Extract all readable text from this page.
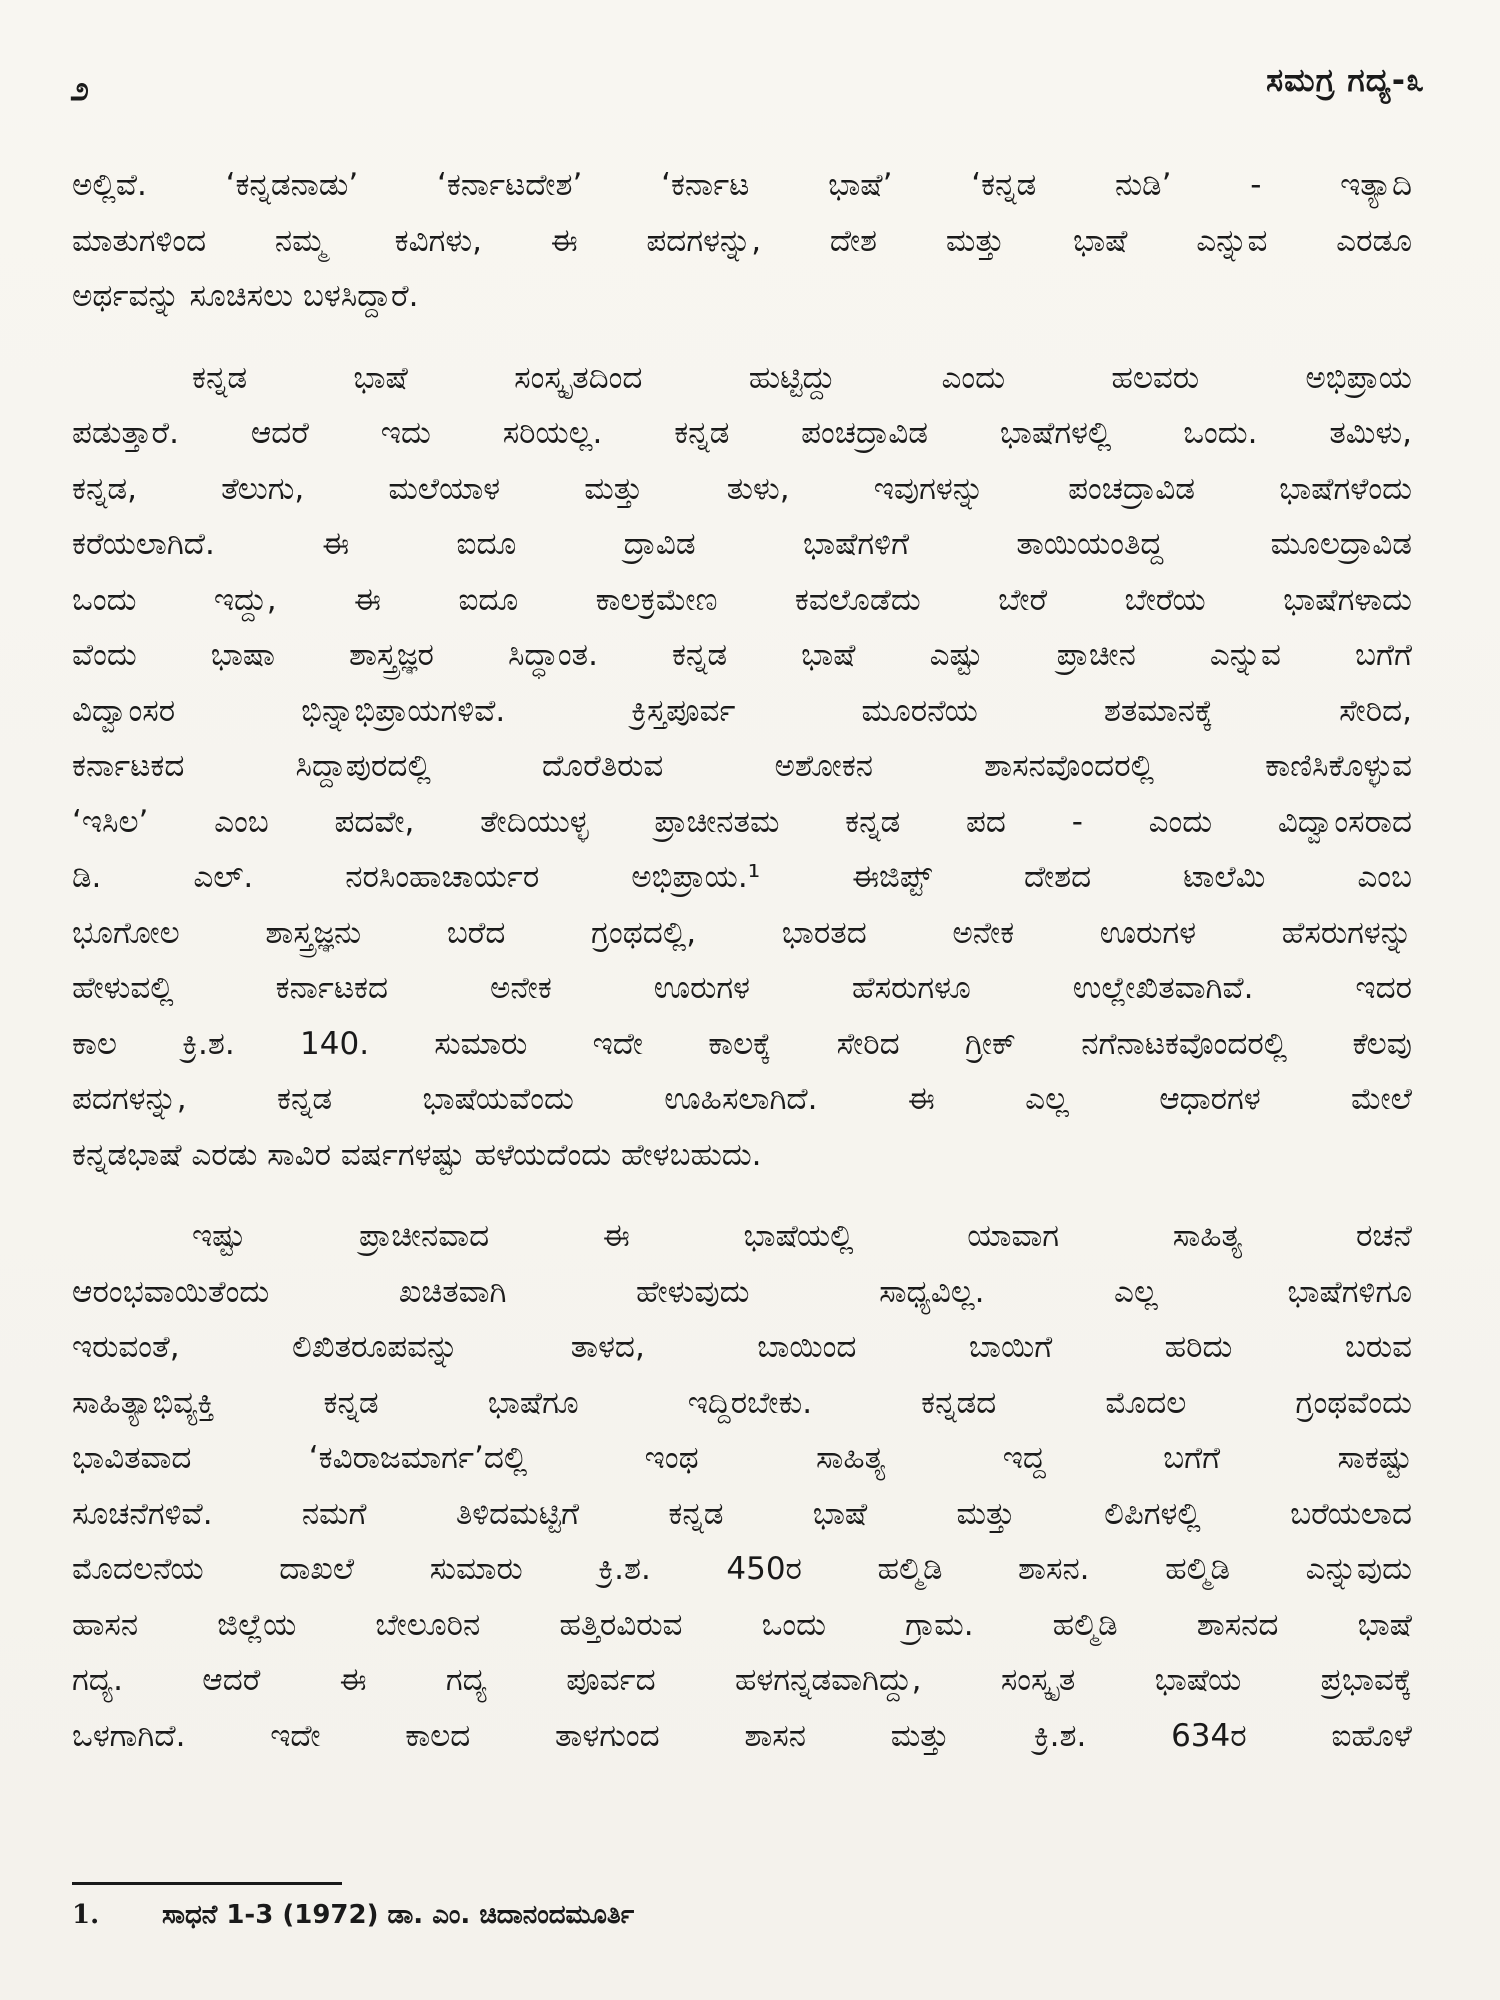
೨	ಸಮಗ್ರ ಗದ್ಯ-೩
ಅಲ್ಲಿವೆ. ‘ಕನ್ನಡನಾಡು’ ‘ಕರ್ನಾಟದೇಶ’ ‘ಕರ್ನಾಟ ಭಾಷೆ’ ‘ಕನ್ನಡ ನುಡಿ’ - ಇತ್ಯಾದಿ
ಮಾತುಗಳಿಂದ ನಮ್ಮ ಕವಿಗಳು, ಈ ಪದಗಳನ್ನು, ದೇಶ ಮತ್ತು ಭಾಷೆ ಎನ್ನುವ ಎರಡೂ
ಅರ್ಥವನ್ನು ಸೂಚಿಸಲು ಬಳಸಿದ್ದಾರೆ.
ಕನ್ನಡ ಭಾಷೆ ಸಂಸ್ಕೃತದಿಂದ ಹುಟ್ಟಿದ್ದು ಎಂದು ಹಲವರು ಅಭಿಪ್ರಾಯ
ಪಡುತ್ತಾರೆ. ಆದರೆ ಇದು ಸರಿಯಲ್ಲ. ಕನ್ನಡ ಪಂಚದ್ರಾವಿಡ ಭಾಷೆಗಳಲ್ಲಿ ಒಂದು. ತಮಿಳು,
ಕನ್ನಡ, ತೆಲುಗು, ಮಲೆಯಾಳ ಮತ್ತು ತುಳು, ಇವುಗಳನ್ನು ಪಂಚದ್ರಾವಿಡ ಭಾಷೆಗಳೆಂದು
ಕರೆಯಲಾಗಿದೆ. ಈ ಐದೂ ದ್ರಾವಿಡ ಭಾಷೆಗಳಿಗೆ ತಾಯಿಯಂತಿದ್ದ ಮೂಲದ್ರಾವಿಡ
ಒಂದು ಇದ್ದು, ಈ ಐದೂ ಕಾಲಕ್ರಮೇಣ ಕವಲೊಡೆದು ಬೇರೆ ಬೇರೆಯ ಭಾಷೆಗಳಾದು
ವೆಂದು ಭಾಷಾ ಶಾಸ್ತ್ರಜ್ಞರ ಸಿದ್ಧಾಂತ. ಕನ್ನಡ ಭಾಷೆ ಎಷ್ಟು ಪ್ರಾಚೀನ ಎನ್ನುವ ಬಗೆಗೆ
ವಿದ್ವಾಂಸರ ಭಿನ್ನಾಭಿಪ್ರಾಯಗಳಿವೆ. ಕ್ರಿಸ್ತಪೂರ್ವ ಮೂರನೆಯ ಶತಮಾನಕ್ಕೆ ಸೇರಿದ,
ಕರ್ನಾಟಕದ ಸಿದ್ದಾಪುರದಲ್ಲಿ ದೊರೆತಿರುವ ಅಶೋಕನ ಶಾಸನವೊಂದರಲ್ಲಿ ಕಾಣಿಸಿಕೊಳ್ಳುವ
‘ಇಸಿಲ’ ಎಂಬ ಪದವೇ, ತೇದಿಯುಳ್ಳ ಪ್ರಾಚೀನತಮ ಕನ್ನಡ ಪದ - ಎಂದು ವಿದ್ವಾಂಸರಾದ
ಡಿ. ಎಲ್. ನರಸಿಂಹಾಚಾರ್ಯರ ಅಭಿಪ್ರಾಯ.¹ ಈಜಿಪ್ಟ್ ದೇಶದ ಟಾಲೆಮಿ ಎಂಬ
ಭೂಗೋಲ ಶಾಸ್ತ್ರಜ್ಞನು ಬರೆದ ಗ್ರಂಥದಲ್ಲಿ, ಭಾರತದ ಅನೇಕ ಊರುಗಳ ಹೆಸರುಗಳನ್ನು
ಹೇಳುವಲ್ಲಿ ಕರ್ನಾಟಕದ ಅನೇಕ ಊರುಗಳ ಹೆಸರುಗಳೂ ಉಲ್ಲೇಖಿತವಾಗಿವೆ. ಇದರ
ಕಾಲ ಕ್ರಿ.ಶ. 140. ಸುಮಾರು ಇದೇ ಕಾಲಕ್ಕೆ ಸೇರಿದ ಗ್ರೀಕ್ ನಗೆನಾಟಕವೊಂದರಲ್ಲಿ ಕೆಲವು
ಪದಗಳನ್ನು, ಕನ್ನಡ ಭಾಷೆಯವೆಂದು ಊಹಿಸಲಾಗಿದೆ. ಈ ಎಲ್ಲ ಆಧಾರಗಳ ಮೇಲೆ
ಕನ್ನಡಭಾಷೆ ಎರಡು ಸಾವಿರ ವರ್ಷಗಳಷ್ಟು ಹಳೆಯದೆಂದು ಹೇಳಬಹುದು.
ಇಷ್ಟು ಪ್ರಾಚೀನವಾದ ಈ ಭಾಷೆಯಲ್ಲಿ ಯಾವಾಗ ಸಾಹಿತ್ಯ ರಚನೆ
ಆರಂಭವಾಯಿತೆಂದು ಖಚಿತವಾಗಿ ಹೇಳುವುದು ಸಾಧ್ಯವಿಲ್ಲ. ಎಲ್ಲ ಭಾಷೆಗಳಿಗೂ
ಇರುವಂತೆ, ಲಿಖಿತರೂಪವನ್ನು ತಾಳದ, ಬಾಯಿಂದ ಬಾಯಿಗೆ ಹರಿದು ಬರುವ
ಸಾಹಿತ್ಯಾಭಿವ್ಯಕ್ತಿ ಕನ್ನಡ ಭಾಷೆಗೂ ಇದ್ದಿರಬೇಕು. ಕನ್ನಡದ ಮೊದಲ ಗ್ರಂಥವೆಂದು
ಭಾವಿತವಾದ ‘ಕವಿರಾಜಮಾರ್ಗ’ದಲ್ಲಿ ಇಂಥ ಸಾಹಿತ್ಯ ಇದ್ದ ಬಗೆಗೆ ಸಾಕಷ್ಟು
ಸೂಚನೆಗಳಿವೆ. ನಮಗೆ ತಿಳಿದಮಟ್ಟಿಗೆ ಕನ್ನಡ ಭಾಷೆ ಮತ್ತು ಲಿಪಿಗಳಲ್ಲಿ ಬರೆಯಲಾದ
ಮೊದಲನೆಯ ದಾಖಲೆ ಸುಮಾರು ಕ್ರಿ.ಶ. 450ರ ಹಲ್ಮಿಡಿ ಶಾಸನ. ಹಲ್ಮಿಡಿ ಎನ್ನುವುದು
ಹಾಸನ ಜಿಲ್ಲೆಯ ಬೇಲೂರಿನ ಹತ್ತಿರವಿರುವ ಒಂದು ಗ್ರಾಮ. ಹಲ್ಮಿಡಿ ಶಾಸನದ ಭಾಷೆ
ಗದ್ಯ. ಆದರೆ ಈ ಗದ್ಯ ಪೂರ್ವದ ಹಳಗನ್ನಡವಾಗಿದ್ದು, ಸಂಸ್ಕೃತ ಭಾಷೆಯ ಪ್ರಭಾವಕ್ಕೆ
ಒಳಗಾಗಿದೆ. ಇದೇ ಕಾಲದ ತಾಳಗುಂದ ಶಾಸನ ಮತ್ತು ಕ್ರಿ.ಶ. 634ರ ಐಹೊಳೆ
1. ಸಾಧನೆ 1-3 (1972) ಡಾ. ಎಂ. ಚಿದಾನಂದಮೂರ್ತಿ
